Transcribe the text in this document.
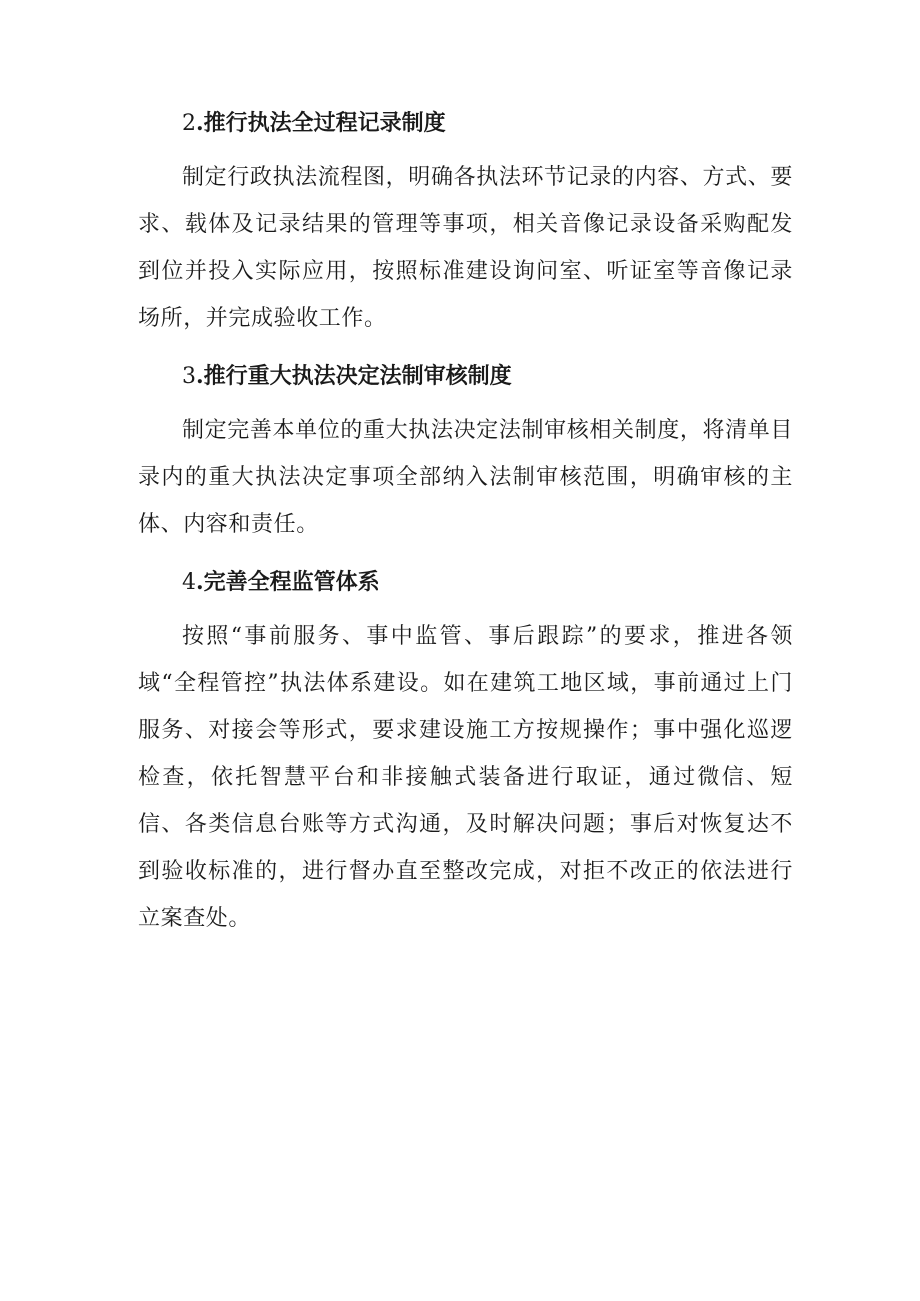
2.推行执法全过程记录制度

制定行政执法流程图，明确各执法环节记录的内容、方式、要求、载体及记录结果的管理等事项，相关音像记录设备采购配发到位并投入实际应用，按照标准建设询问室、听证室等音像记录场所，并完成验收工作。

3.推行重大执法决定法制审核制度

制定完善本单位的重大执法决定法制审核相关制度，将清单目录内的重大执法决定事项全部纳入法制审核范围，明确审核的主体、内容和责任。

4.完善全程监管体系

按照“事前服务、事中监管、事后跟踪”的要求，推进各领域“全程管控”执法体系建设。如在建筑工地区域，事前通过上门服务、对接会等形式，要求建设施工方按规操作；事中强化巡逻检查，依托智慧平台和非接触式装备进行取证，通过微信、短信、各类信息台账等方式沟通，及时解决问题；事后对恢复达不到验收标准的，进行督办直至整改完成，对拒不改正的依法进行立案查处。
